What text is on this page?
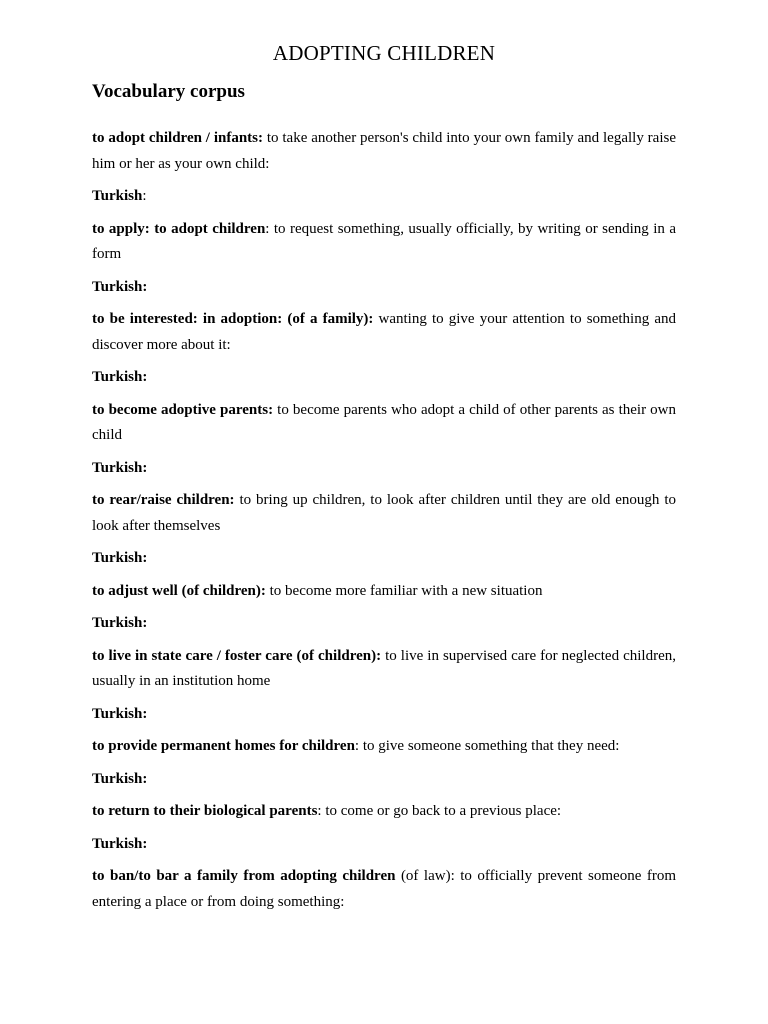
ADOPTING CHILDREN
Vocabulary corpus

to adopt children / infants: to take another person's child into your own family and legally raise him or her as your own child:

Turkish:

to apply: to adopt children: to request something, usually officially, by writing or sending in a form

Turkish:

to be interested: in adoption: (of a family): wanting to give your attention to something and discover more about it:

Turkish:

to become adoptive parents: to become parents who adopt a child of other parents as their own child

Turkish:

to rear/raise children: to bring up children, to look after children until they are old enough to look after themselves

Turkish:

to adjust well (of children): to become more familiar with a new situation

Turkish:

to live in state care / foster care (of children): to live in supervised care for neglected children, usually in an institution home

Turkish:

to provide permanent homes for children: to give someone something that they need:

Turkish:

to return to their biological parents: to come or go back to a previous place:

Turkish:

to ban/to bar a family from adopting children (of law): to officially prevent someone from entering a place or from doing something:
